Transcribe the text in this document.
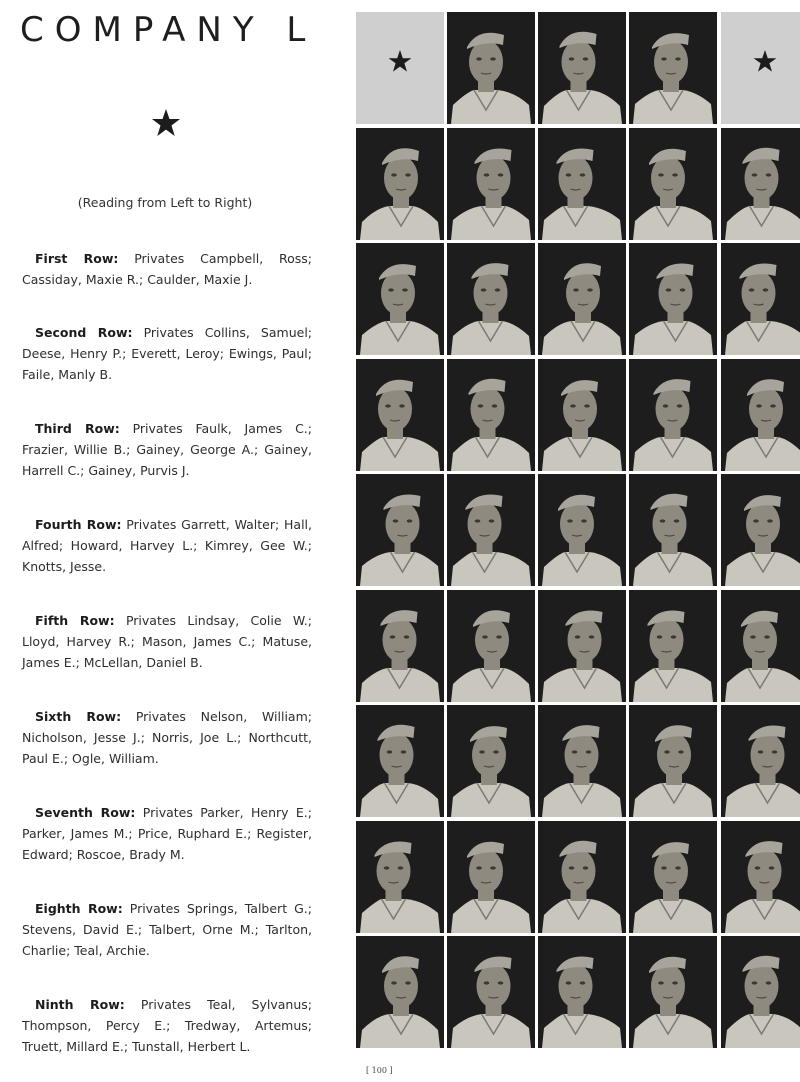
COMPANY L
(Reading from Left to Right)
First Row: Privates Campbell, Ross; Cassiday, Maxie R.; Caulder, Maxie J.
Second Row: Privates Collins, Samuel; Deese, Henry P.; Everett, Leroy; Ewings, Paul; Faile, Manly B.
Third Row: Privates Faulk, James C.; Frazier, Willie B.; Gainey, George A.; Gainey, Harrell C.; Gainey, Purvis J.
Fourth Row: Privates Garrett, Walter; Hall, Alfred; Howard, Harvey L.; Kimrey, Gee W.; Knotts, Jesse.
Fifth Row: Privates Lindsay, Colie W.; Lloyd, Harvey R.; Mason, James C.; Matuse, James E.; McLellan, Daniel B.
Sixth Row: Privates Nelson, William; Nicholson, Jesse J.; Norris, Joe L.; Northcutt, Paul E.; Ogle, William.
Seventh Row: Privates Parker, Henry E.; Parker, James M.; Price, Ruphard E.; Register, Edward; Roscoe, Brady M.
Eighth Row: Privates Springs, Talbert G.; Stevens, David E.; Talbert, Orne M.; Tarlton, Charlie; Teal, Archie.
Ninth Row: Privates Teal, Sylvanus; Thompson, Percy E.; Tredway, Artemus; Truett, Millard E.; Tunstall, Herbert L.
[ 100 ]
